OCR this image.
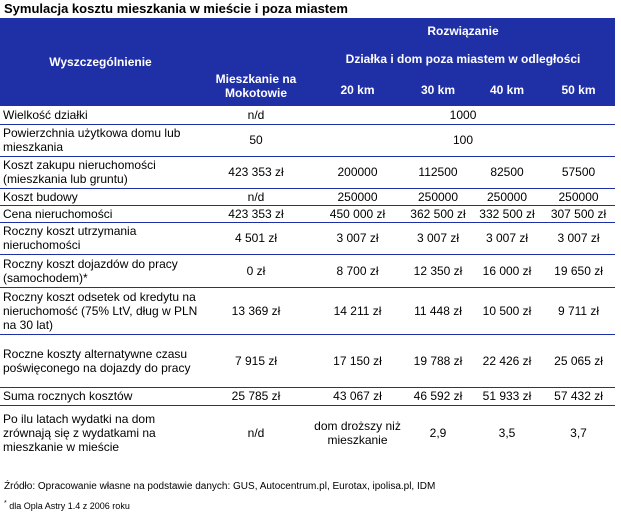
Symulacja kosztu mieszkania w mieście i poza miastem
Wyszczególnienie	Mieszkanie na Mokotowie	Rozwiązanie			
		Działka i dom poza miastem w odległości			
		20 km	30 km	40 km	50 km
Wielkość działki	n/d	1000			
Powierzchnia użytkowa domu lub mieszkania	50	100			
Koszt zakupu nieruchomości (mieszkania lub gruntu)	423 353 zł	200000	112500	82500	57500
Koszt budowy	n/d	250000	250000	250000	250000
Cena nieruchomości	423 353 zł	450 000 zł	362 500 zł	332 500 zł	307 500 zł
Roczny koszt utrzymania nieruchomości	4 501 zł	3 007 zł	3 007 zł	3 007 zł	3 007 zł
Roczny koszt dojazdów do pracy (samochodem)*	0 zł	8 700 zł	12 350 zł	16 000 zł	19 650 zł
Roczny koszt odsetek od kredytu na nieruchomość (75% LtV, dług w PLN na 30 lat)	13 369 zł	14 211 zł	11 448 zł	10 500 zł	9 711 zł
Roczne koszty alternatywne czasu poświęconego na dojazdy do pracy	7 915 zł	17 150 zł	19 788 zł	22 426 zł	25 065 zł
Suma rocznych kosztów	25 785 zł	43 067 zł	46 592 zł	51 933 zł	57 432 zł
Po ilu latach wydatki na dom zrównają się z wydatkami na mieszkanie w mieście	n/d	dom droższy niż mieszkanie	2,9	3,5	3,7
Źródło: Opracowanie własne na podstawie danych: GUS, Autocentrum.pl, Eurotax, ipolisa.pl, IDM
* dla Opla Astry 1.4 z 2006 roku
